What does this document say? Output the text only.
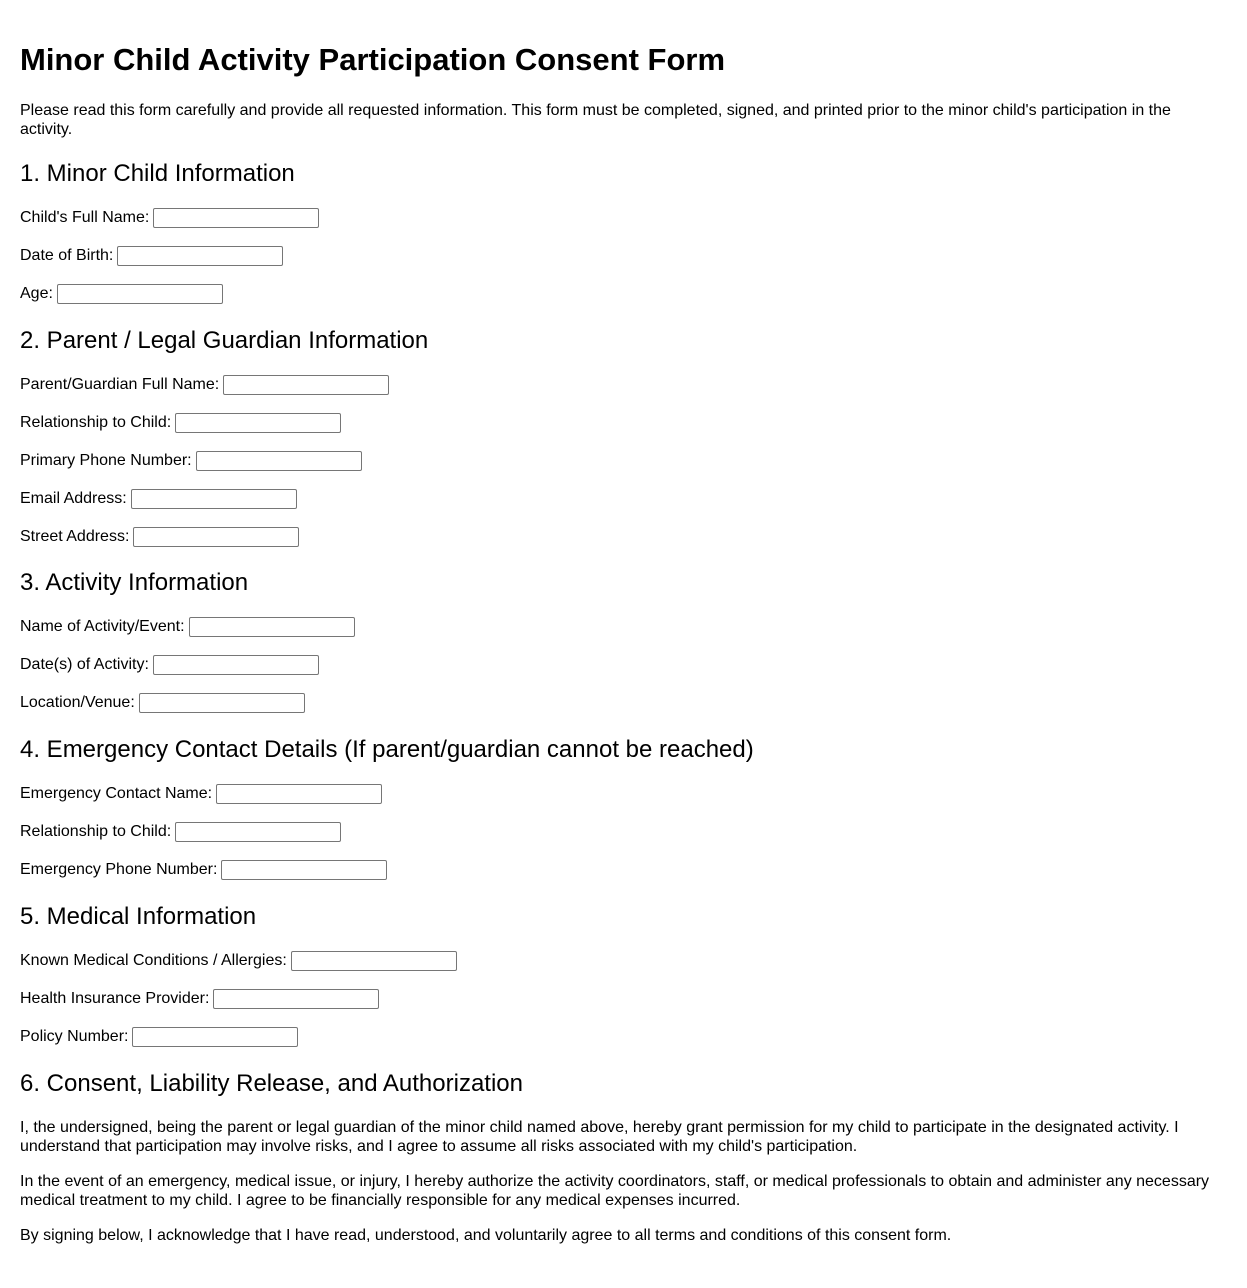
Minor Child Activity Participation Consent Form

Please read this form carefully and provide all requested information. This form must be completed, signed, and printed prior to the minor child's participation in the activity.

1. Minor Child Information
Child's Full Name:
Date of Birth:
Age:
2. Parent / Legal Guardian Information
Parent/Guardian Full Name:
Relationship to Child:
Primary Phone Number:
Email Address:
Street Address:
3. Activity Information
Name of Activity/Event:
Date(s) of Activity:
Location/Venue:
4. Emergency Contact Details (If parent/guardian cannot be reached)
Emergency Contact Name:
Relationship to Child:
Emergency Phone Number:
5. Medical Information
Known Medical Conditions / Allergies:
Health Insurance Provider:
Policy Number:
6. Consent, Liability Release, and Authorization

I, the undersigned, being the parent or legal guardian of the minor child named above, hereby grant permission for my child to participate in the designated activity. I understand that participation may involve risks, and I agree to assume all risks associated with my child's participation.

In the event of an emergency, medical issue, or injury, I hereby authorize the activity coordinators, staff, or medical professionals to obtain and administer any necessary medical treatment to my child. I agree to be financially responsible for any medical expenses incurred.

By signing below, I acknowledge that I have read, understood, and voluntarily agree to all terms and conditions of this consent form.
